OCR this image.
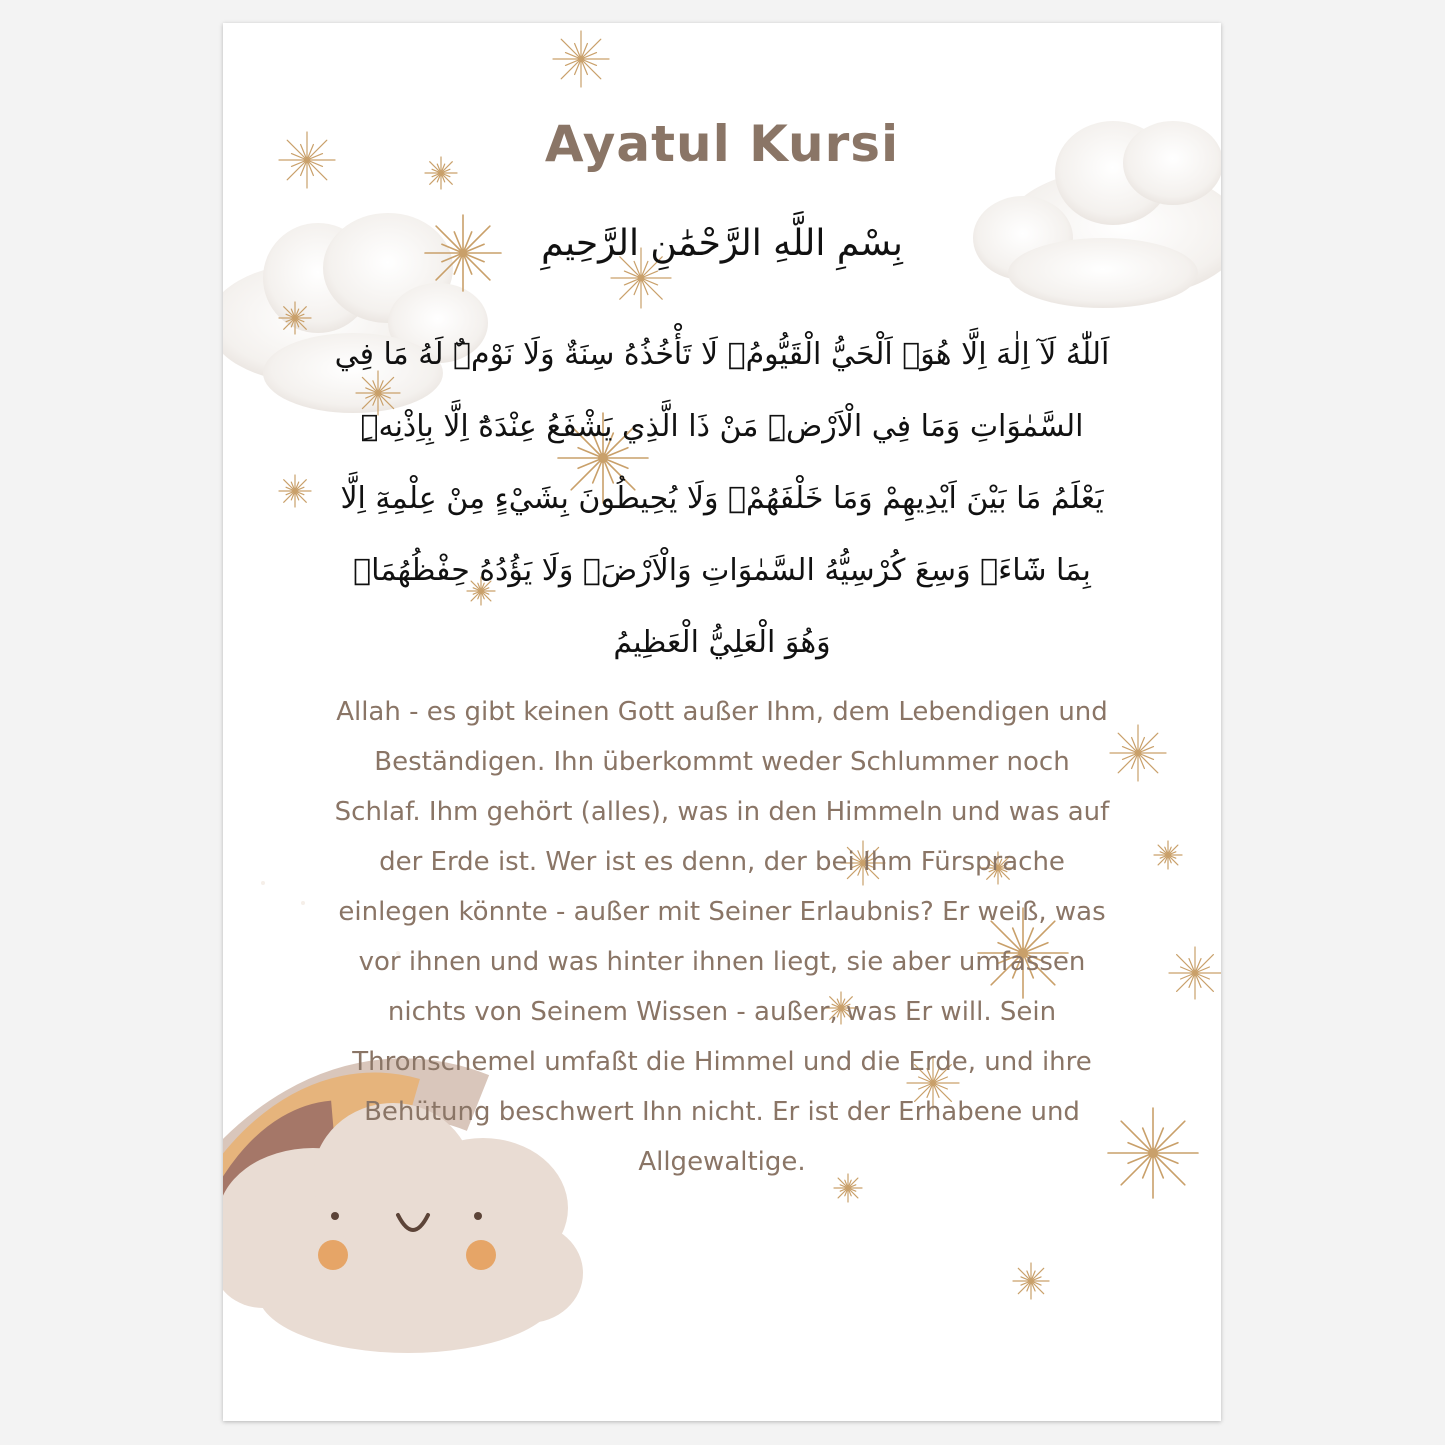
Ayatul Kursi
بِسْمِ اللَّهِ الرَّحْمَٰنِ الرَّحِيمِ
اَللّٰهُ لَآ اِلٰهَ اِلَّا هُوَۚ اَلْحَيُّ الْقَيُّومُۚ لَا تَأْخُذُهُ سِنَةٌ وَلَا نَوْمٌۜ لَهُ مَا فِي السَّمٰوَاتِ وَمَا فِي الْاَرْضِۜ مَنْ ذَا الَّذِي يَشْفَعُ عِنْدَهُٓ اِلَّا بِاِذْنِهِۜ يَعْلَمُ مَا بَيْنَ اَيْدِيهِمْ وَمَا خَلْفَهُمْۚ وَلَا يُحِيطُونَ بِشَيْءٍ مِنْ عِلْمِهِٓ اِلَّا بِمَا شَٓاءَۚ وَسِعَ كُرْسِيُّهُ السَّمٰوَاتِ وَالْاَرْضَۚ وَلَا يَؤُدُهُ حِفْظُهُمَاۚ وَهُوَ الْعَلِيُّ الْعَظِيمُ
Allah - es gibt keinen Gott außer Ihm, dem Lebendigen und Beständigen. Ihn überkommt weder Schlummer noch Schlaf. Ihm gehört (alles), was in den Himmeln und was auf der Erde ist. Wer ist es denn, der bei Ihm Fürsprache einlegen könnte - außer mit Seiner Erlaubnis? Er weiß, was vor ihnen und was hinter ihnen liegt, sie aber umfassen nichts von Seinem Wissen - außer, was Er will. Sein Thronschemel umfaßt die Himmel und die Erde, und ihre Behütung beschwert Ihn nicht. Er ist der Erhabene und Allgewaltige.
